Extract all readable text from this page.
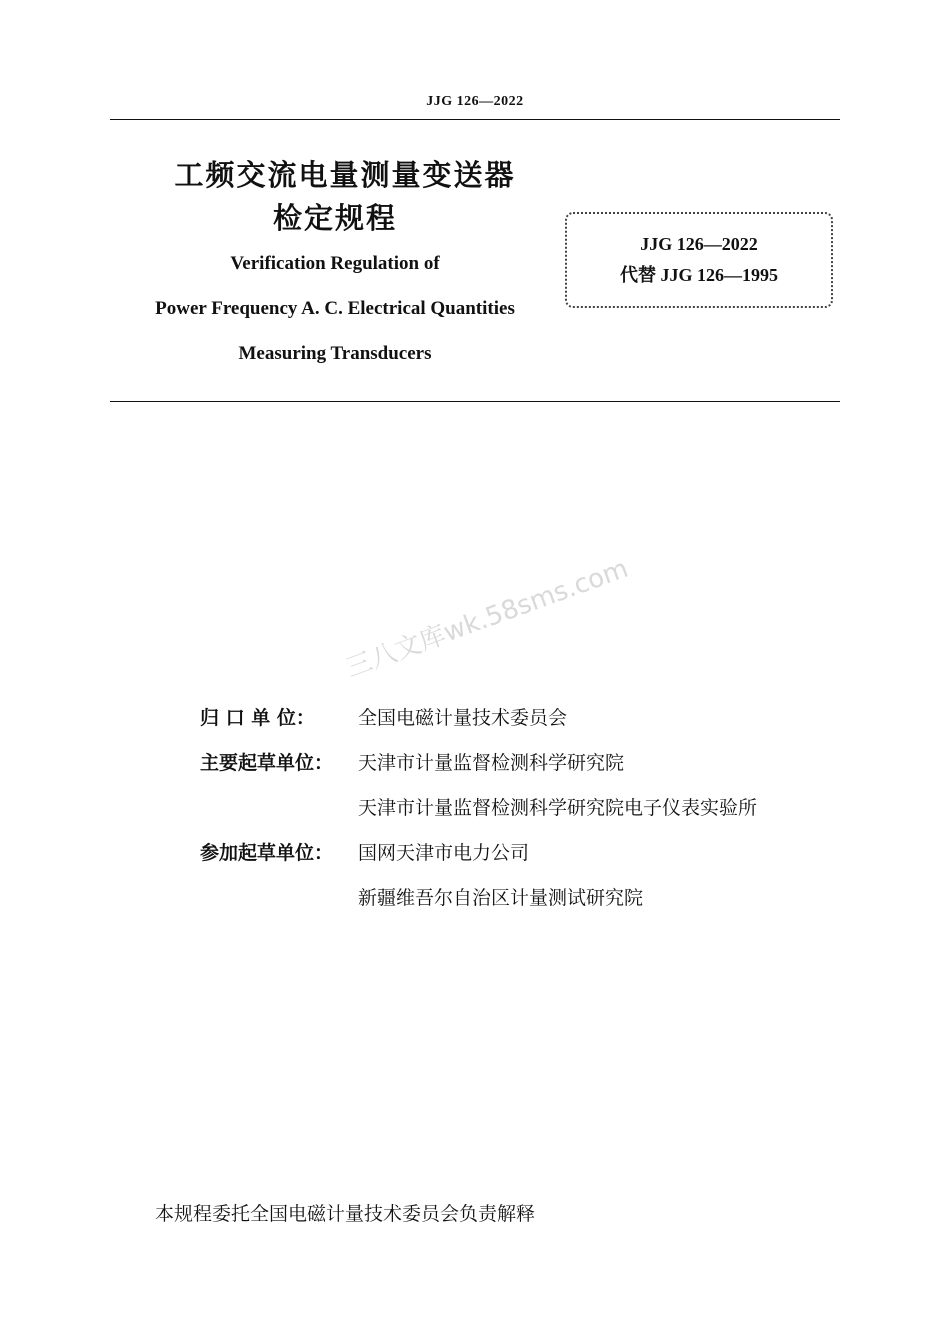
JJG 126—2022
工频交流电量测量变送器
检定规程
Verification Regulation of
Power Frequency A. C. Electrical Quantities
Measuring Transducers
JJG 126—2022
代替 JJG 126—1995
三八文库wk.58sms.com
归 口 单 位：	全国电磁计量技术委员会
主要起草单位：	天津市计量监督检测科学研究院
天津市计量监督检测科学研究院电子仪表实验所
参加起草单位：	国网天津市电力公司
新疆维吾尔自治区计量测试研究院
本规程委托全国电磁计量技术委员会负责解释
